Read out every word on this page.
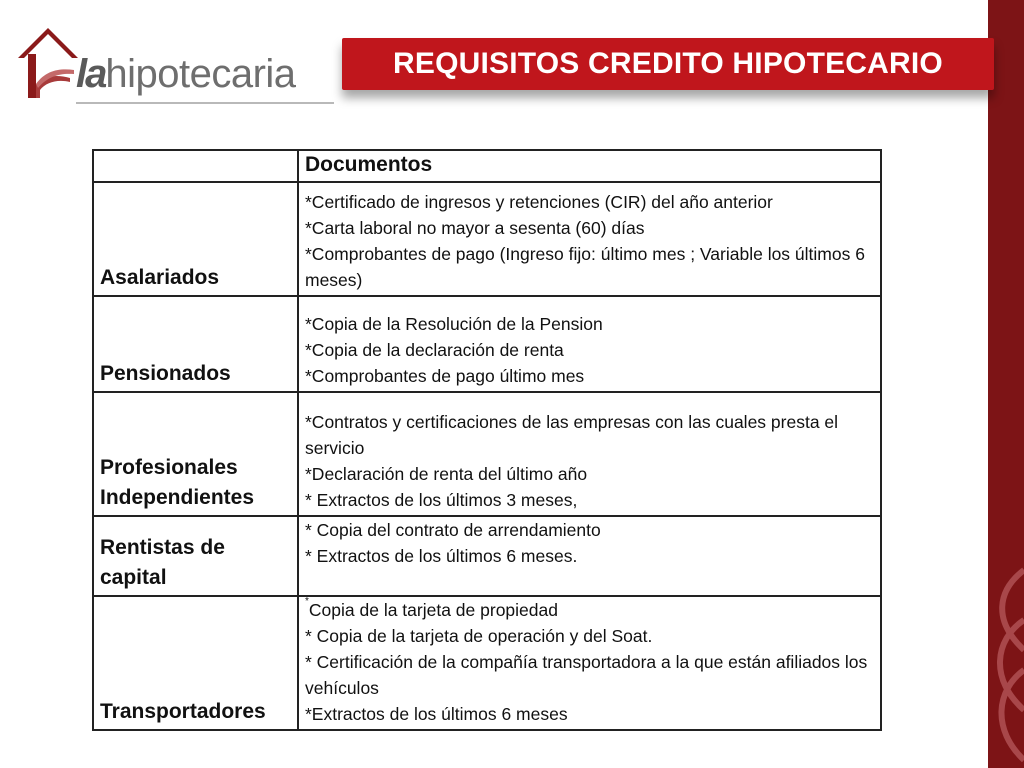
lahipotecaria	REQUISITOS CREDITO HIPOTECARIO
	Documentos
Asalariados	*Certificado de ingresos y retenciones (CIR) del año anterior
*Carta laboral no mayor a sesenta (60) días
*Comprobantes de pago (Ingreso fijo: último mes ; Variable los últimos 6 meses)

Pensionados	*Copia de la Resolución de la Pension
*Copia de la declaración de renta
*Comprobantes de pago último mes

Profesionales Independientes	*Contratos y certificaciones de las empresas con las cuales presta el servicio
*Declaración de renta del último año
* Extractos de los últimos 3 meses,

Rentistas de capital	* Copia del contrato de arrendamiento
* Extractos de los últimos 6 meses.

Transportadores	*Copia de la tarjeta de propiedad
* Copia de la tarjeta de operación y del Soat.
* Certificación de la compañía transportadora a la que están afiliados los vehículos
*Extractos de los últimos 6 meses
